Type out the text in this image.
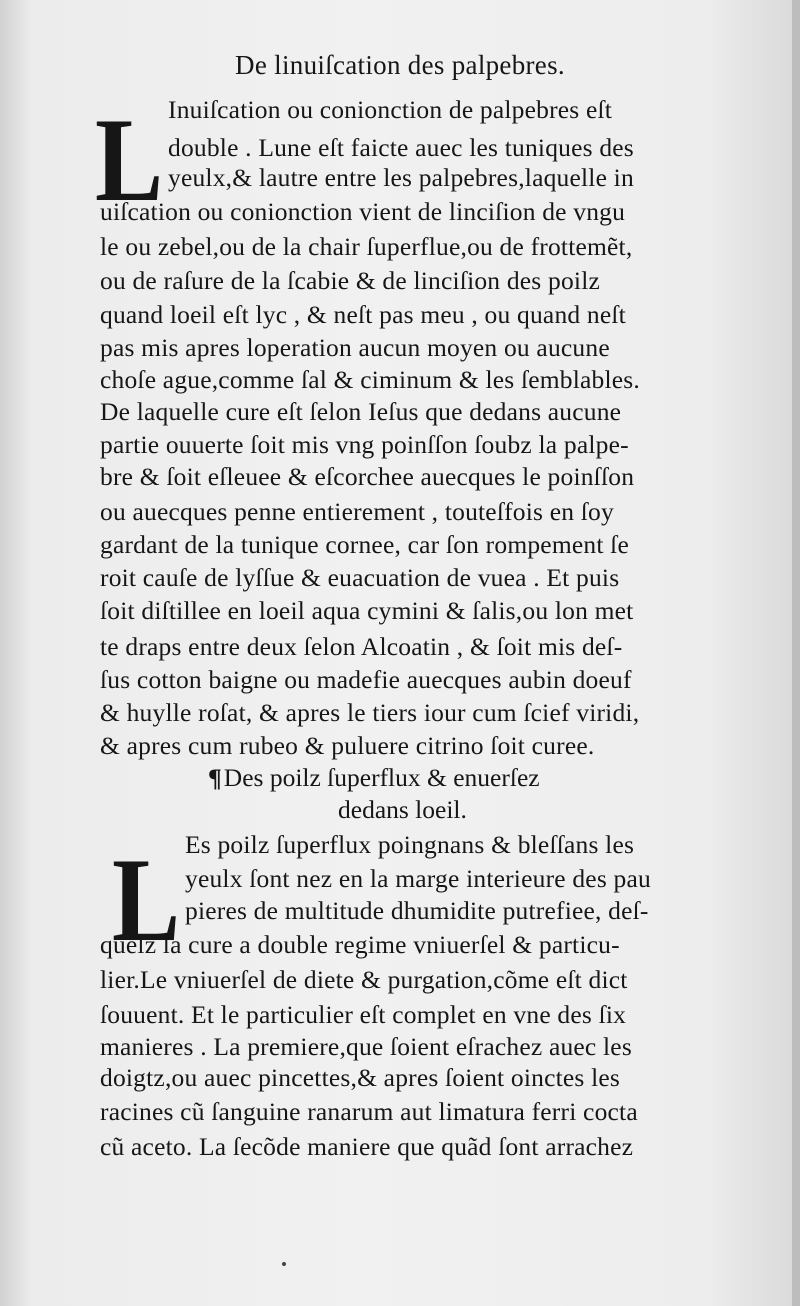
De linuiſcation des palpebres.
L Inuiſcation ou conionction de palpebres eſt
double . Lune eſt faicte auec les tuniques des
yeulx,& lautre entre les palpebres,laquelle in
uiſcation ou conionction vient de linciſion de vngu
le ou zebel,ou de la chair ſuperflue,ou de frottemẽt,
ou de raſure de la ſcabie & de linciſion des poilz
quand loeil eſt lyc , & neſt pas meu , ou quand neſt
pas mis apres loperation aucun moyen ou aucune
choſe ague,comme ſal & ciminum & les ſemblables.
De laquelle cure eſt ſelon Ieſus que dedans aucune
partie ouuerte ſoit mis vng poinſſon ſoubz la palpe-
bre & ſoit eſleuee & eſcorchee auecques le poinſſon
ou auecques penne entierement , touteſfois en ſoy
gardant de la tunique cornee, car ſon rompement ſe
roit cauſe de lyſſue & euacuation de vuea . Et puis
ſoit diſtillee en loeil aqua cymini & ſalis,ou lon met
te draps entre deux ſelon Alcoatin , & ſoit mis deſ-
ſus cotton baigne ou madefie auecques aubin doeuf
& huylle roſat, & apres le tiers iour cum ſcief viridi,
& apres cum rubeo & puluere citrino ſoit curee.
¶Des poilz ſuperflux & enuerſez
dedans loeil.
L Es poilz ſuperflux poingnans & bleſſans les
yeulx ſont nez en la marge interieure des pau
pieres de multitude dhumidite putrefiee, deſ-
quelz la cure a double regime vniuerſel & particu-
lier.Le vniuerſel de diete & purgation,cõme eſt dict
ſouuent. Et le particulier eſt complet en vne des ſix
manieres . La premiere,que ſoient eſrachez auec les
doigtz,ou auec pincettes,& apres ſoient oinctes les
racines cũ ſanguine ranarum aut limatura ferri cocta
cũ aceto. La ſecõde maniere que quãd ſont arrachez
